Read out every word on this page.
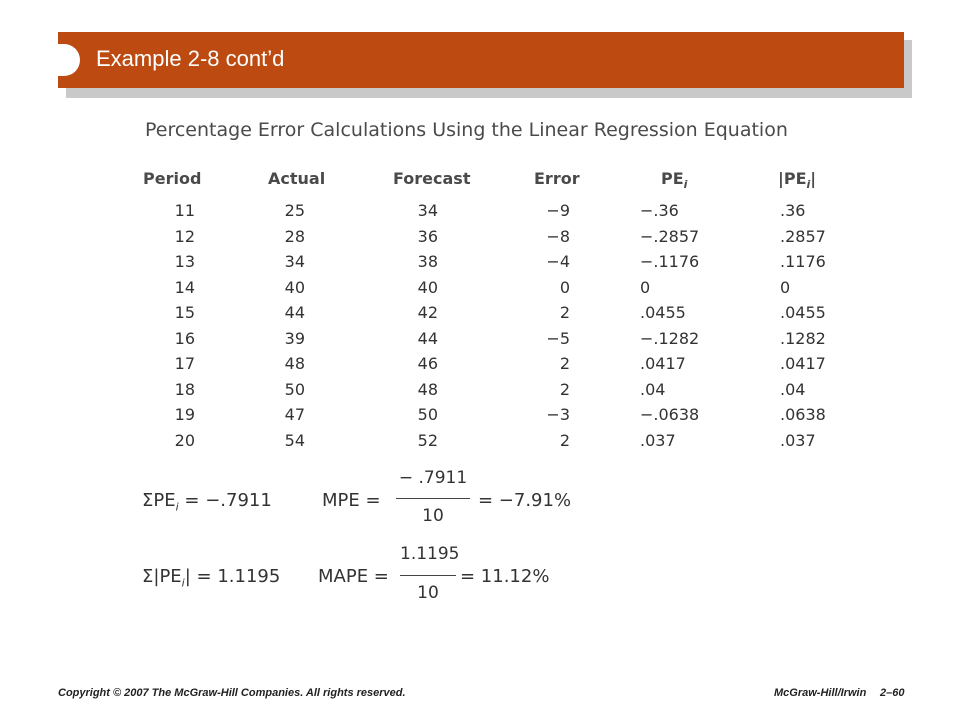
Example 2-8 cont’d
Percentage Error Calculations Using the Linear Regression Equation
Period	Actual	Forecast	Error	$PE_i$	$|PE_i|$
11	25	34	−9	−.36	.36
12	28	36	−8	−.2857	.2857
13	34	38	−4	−.1176	.1176
14	40	40	0	0	0
15	44	42	2	.0455	.0455
16	39	44	−5	−.1282	.1282
17	48	46	2	.0417	.0417
18	50	48	2	.04	.04
19	47	50	−3	−.0638	.0638
20	54	52	2	.037	.037
$\Sigma PE_i = -.7911$	MPE =
− .7911
10
= −7.91%
$\Sigma|PE_i| = 1.1195$ MAPE =
1.1195
10
= 11.12%
Copyright © 2007 The McGraw-Hill Companies. All rights reserved.	McGraw-Hill/Irwin 2–60
